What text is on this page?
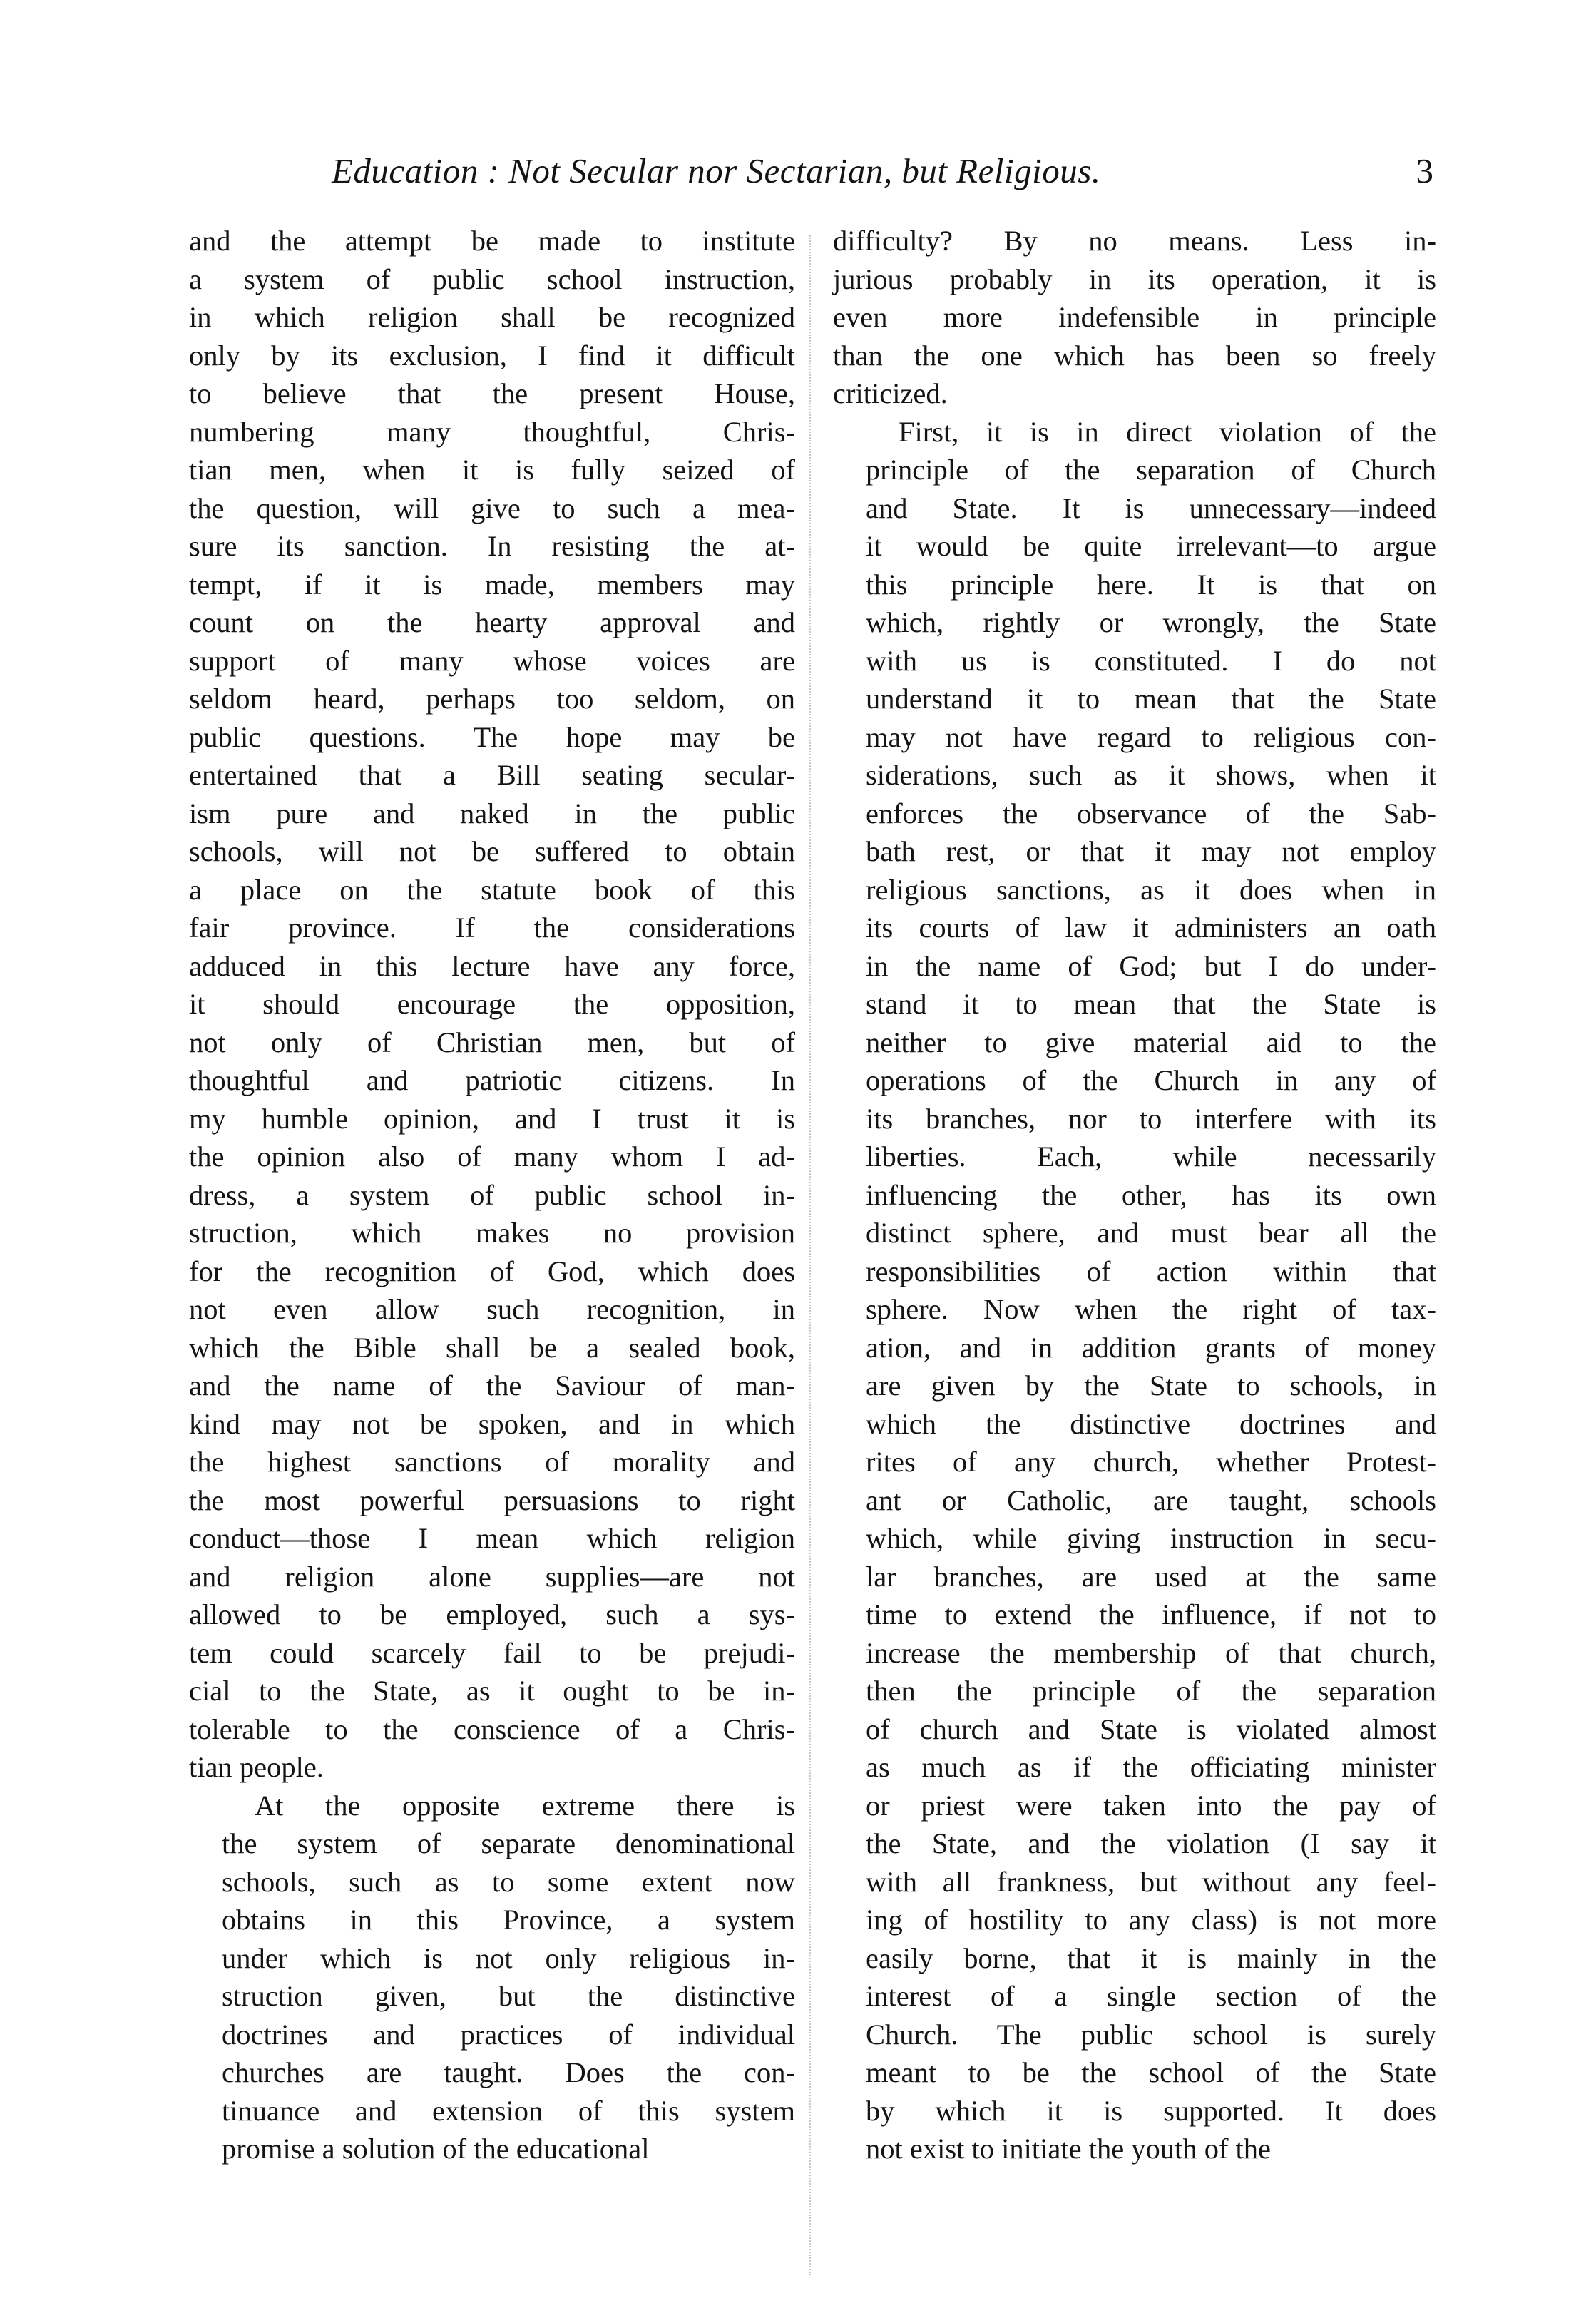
Education : Not Secular nor Sectarian, but Religious.	3
and the attempt be made to institute
a system of public school instruction,
in which religion shall be recognized
only by its exclusion, I find it difficult
to believe that the present House,
numbering many thoughtful, Chris-
tian men, when it is fully seized of
the question, will give to such a mea-
sure its sanction. In resisting the at-
tempt, if it is made, members may
count on the hearty approval and
support of many whose voices are
seldom heard, perhaps too seldom, on
public questions. The hope may be
entertained that a Bill seating secular-
ism pure and naked in the public
schools, will not be suffered to obtain
a place on the statute book of this
fair province. If the considerations
adduced in this lecture have any force,
it should encourage the opposition,
not only of Christian men, but of
thoughtful and patriotic citizens. In
my humble opinion, and I trust it is
the opinion also of many whom I ad-
dress, a system of public school in-
struction, which makes no provision
for the recognition of God, which does
not even allow such recognition, in
which the Bible shall be a sealed book,
and the name of the Saviour of man-
kind may not be spoken, and in which
the highest sanctions of morality and
the most powerful persuasions to right
conduct—those I mean which religion
and religion alone supplies—are not
allowed to be employed, such a sys-
tem could scarcely fail to be prejudi-
cial to the State, as it ought to be in-
tolerable to the conscience of a Chris-
tian people.
At the opposite extreme there is
the system of separate denominational
schools, such as to some extent now
obtains in this Province, a system
under which is not only religious in-
struction given, but the distinctive
doctrines and practices of individual
churches are taught. Does the con-
tinuance and extension of this system
promise a solution of the educational
difficulty? By no means. Less in-
jurious probably in its operation, it is
even more indefensible in principle
than the one which has been so freely
criticized.
First, it is in direct violation of the
principle of the separation of Church
and State. It is unnecessary—indeed
it would be quite irrelevant—to argue
this principle here. It is that on
which, rightly or wrongly, the State
with us is constituted. I do not
understand it to mean that the State
may not have regard to religious con-
siderations, such as it shows, when it
enforces the observance of the Sab-
bath rest, or that it may not employ
religious sanctions, as it does when in
its courts of law it administers an oath
in the name of God; but I do under-
stand it to mean that the State is
neither to give material aid to the
operations of the Church in any of
its branches, nor to interfere with its
liberties. Each, while necessarily
influencing the other, has its own
distinct sphere, and must bear all the
responsibilities of action within that
sphere. Now when the right of tax-
ation, and in addition grants of money
are given by the State to schools, in
which the distinctive doctrines and
rites of any church, whether Protest-
ant or Catholic, are taught, schools
which, while giving instruction in secu-
lar branches, are used at the same
time to extend the influence, if not to
increase the membership of that church,
then the principle of the separation
of church and State is violated almost
as much as if the officiating minister
or priest were taken into the pay of
the State, and the violation (I say it
with all frankness, but without any feel-
ing of hostility to any class) is not more
easily borne, that it is mainly in the
interest of a single section of the
Church. The public school is surely
meant to be the school of the State
by which it is supported. It does
not exist to initiate the youth of the
